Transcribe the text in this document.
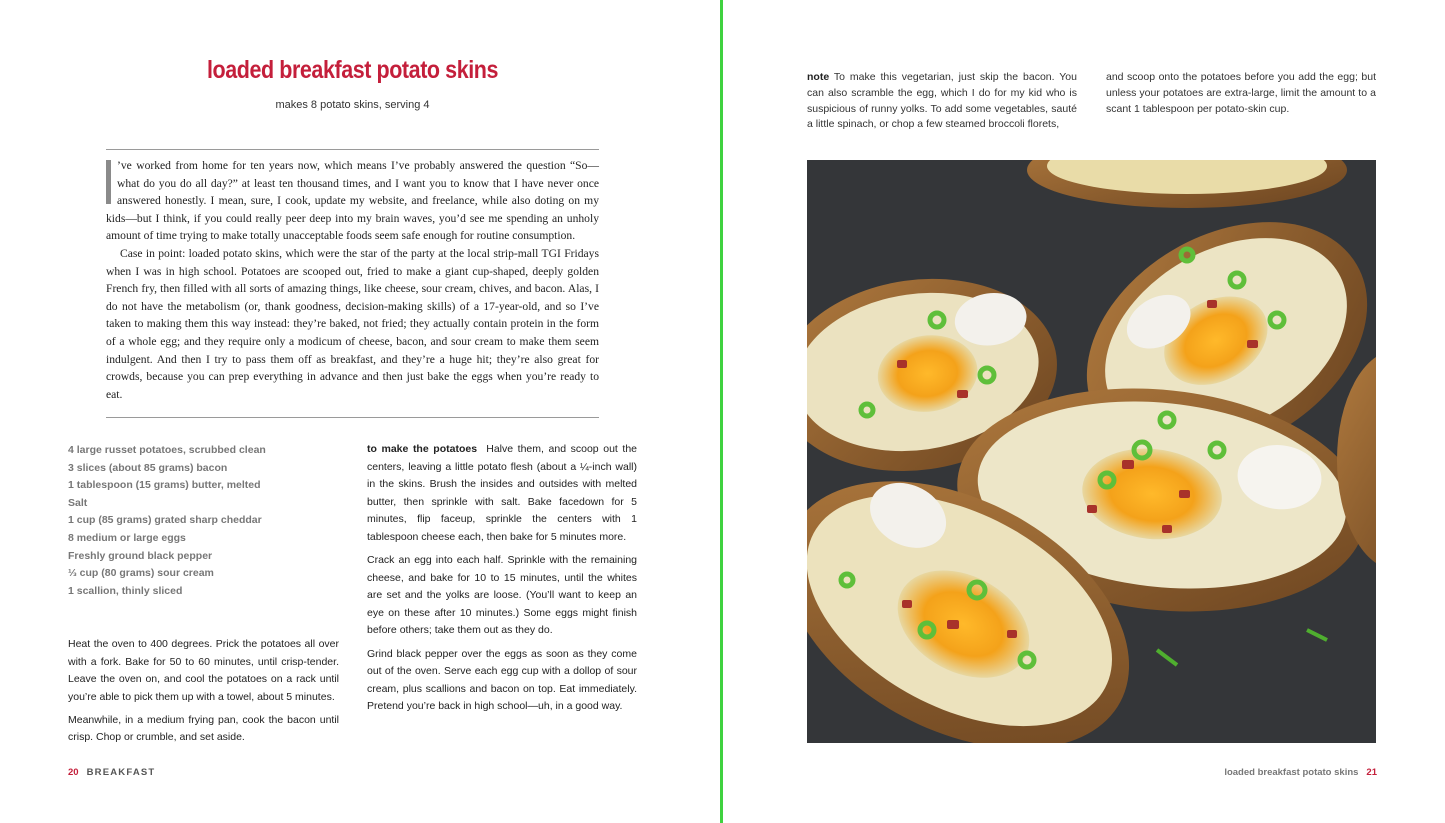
loaded breakfast potato skins
makes 8 potato skins, serving 4

’ve worked from home for ten years now, which means I’ve probably answered the question “So—what do you do all day?” at least ten thousand times, and I want you to know that I have never once answered honestly. I mean, sure, I cook, update my website, and freelance, while also doting on my kids—but I think, if you could really peer deep into my brain waves, you’d see me spending an unholy amount of time trying to make totally unacceptable foods seem safe enough for routine consumption.

Case in point: loaded potato skins, which were the star of the party at the local strip-mall TGI Fridays when I was in high school. Potatoes are scooped out, fried to make a giant cup-shaped, deeply golden French fry, then filled with all sorts of amazing things, like cheese, sour cream, chives, and bacon. Alas, I do not have the metabolism (or, thank goodness, decision-making skills) of a 17-year-old, and so I’ve taken to making them this way instead: they’re baked, not fried; they actually contain protein in the form of a whole egg; and they require only a modicum of cheese, bacon, and sour cream to make them seem indulgent. And then I try to pass them off as breakfast, and they’re a huge hit; they’re also great for crowds, because you can prep everything in advance and then just bake the eggs when you’re ready to eat.

4 large russet potatoes, scrubbed clean
3 slices (about 85 grams) bacon
1 tablespoon (15 grams) butter, melted
Salt
1 cup (85 grams) grated sharp cheddar
8 medium or large eggs
Freshly ground black pepper
⅓ cup (80 grams) sour cream
1 scallion, thinly sliced

Heat the oven to 400 degrees. Prick the potatoes all over with a fork. Bake for 50 to 60 minutes, until crisp-tender. Leave the oven on, and cool the potatoes on a rack until you’re able to pick them up with a towel, about 5 minutes.

Meanwhile, in a medium frying pan, cook the bacon until crisp. Chop or crumble, and set aside.

to make the potatoes Halve them, and scoop out the centers, leaving a little potato flesh (about a ¼-inch wall) in the skins. Brush the insides and outsides with melted butter, then sprinkle with salt. Bake facedown for 5 minutes, flip faceup, sprinkle the centers with 1 tablespoon cheese each, then bake for 5 minutes more.

Crack an egg into each half. Sprinkle with the remaining cheese, and bake for 10 to 15 minutes, until the whites are set and the yolks are loose. (You’ll want to keep an eye on these after 10 minutes.) Some eggs might finish before others; take them out as they do.

Grind black pepper over the eggs as soon as they come out of the oven. Serve each egg cup with a dollop of sour cream, plus scallions and bacon on top. Eat immediately. Pretend you’re back in high school—uh, in a good way.

20 BREAKFAST
note To make this vegetarian, just skip the bacon. You can also scramble the egg, which I do for my kid who is suspicious of runny yolks. To add some vegetables, sauté a little spinach, or chop a few steamed broccoli florets,
and scoop onto the potatoes before you add the egg; but unless your potatoes are extra-large, limit the amount to a scant 1 tablespoon per potato-skin cup.
loaded breakfast potato skins 21
